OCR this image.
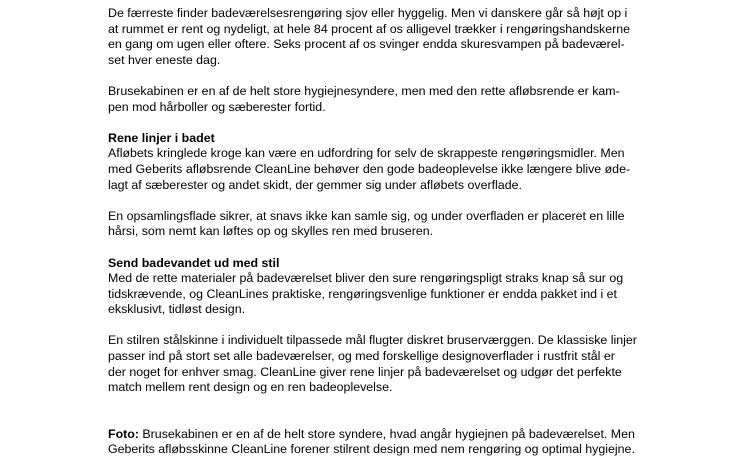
De færreste finder badeværelsesrengøring sjov eller hyggelig. Men vi danskere går så højt op i
at rummet er rent og nydeligt, at hele 84 procent af os alligevel trækker i rengøringshandskerne
en gang om ugen eller oftere. Seks procent af os svinger endda skuresvampen på badeværel-
set hver eneste dag.

Brusekabinen er en af de helt store hygiejnesyndere, men med den rette afløbsrende er kam-
pen mod hårboller og sæberester fortid.

Rene linjer i badet

Afløbets kringlede kroge kan være en udfordring for selv de skrappeste rengøringsmidler. Men
med Geberits afløbsrende CleanLine behøver den gode badeoplevelse ikke længere blive øde-
lagt af sæberester og andet skidt, der gemmer sig under afløbets overflade.

En opsamlingsflade sikrer, at snavs ikke kan samle sig, og under overfladen er placeret en lille
hårsi, som nemt kan løftes op og skylles ren med bruseren.

Send badevandet ud med stil

Med de rette materialer på badeværelset bliver den sure rengøringspligt straks knap så sur og
tidskrævende, og CleanLines praktiske, rengøringsvenlige funktioner er endda pakket ind i et
eksklusivt, tidløst design.

En stilren stålskinne i individuelt tilpassede mål flugter diskret bruserværggen. De klassiske linjer
passer ind på stort set alle badeværelser, og med forskellige designoverflader i rustfrit stål er
der noget for enhver smag. CleanLine giver rene linjer på badeværelset og udgør det perfekte
match mellem rent design og en ren badeoplevelse.

Foto: Brusekabinen er en af de helt store syndere, hvad angår hygiejnen på badeværelset. Men
Geberits afløbsskinne CleanLine forener stilrent design med nem rengøring og optimal hygiejne.
